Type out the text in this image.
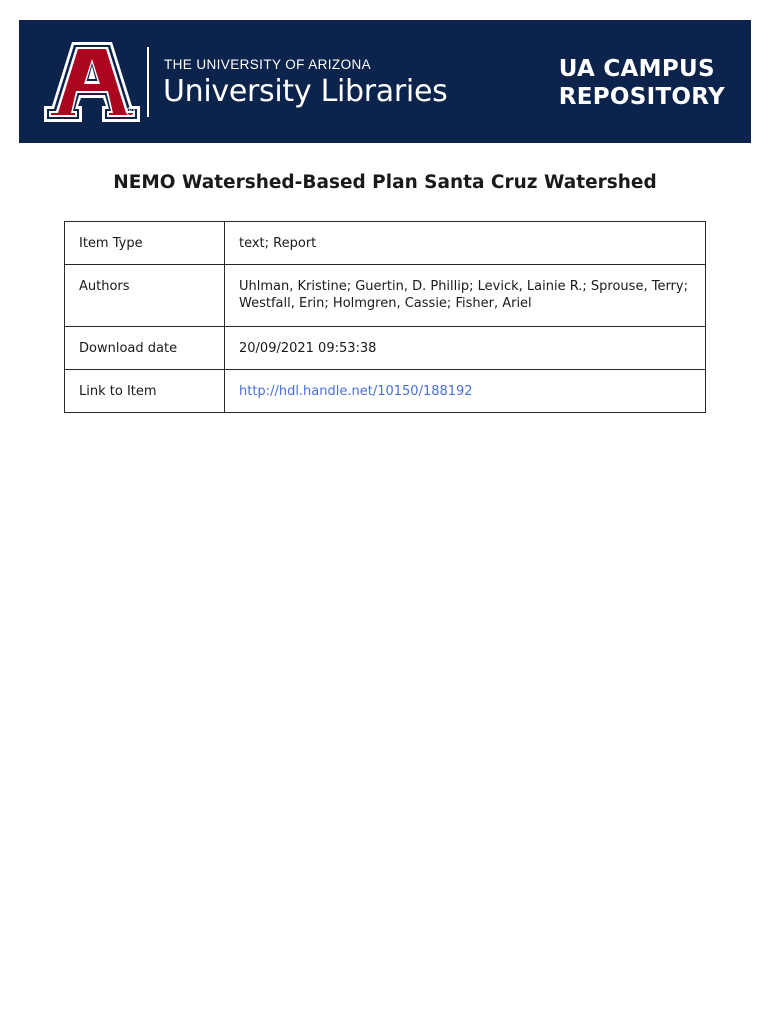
R
THE UNIVERSITY OF ARIZONA
University Libraries
UA CAMPUS
REPOSITORY
NEMO Watershed-Based Plan Santa Cruz Watershed
Item Type	text; Report
Authors	Uhlman, Kristine; Guertin, D. Phillip; Levick, Lainie R.; Sprouse, Terry; Westfall, Erin; Holmgren, Cassie; Fisher, Ariel
Download date	20/09/2021 09:53:38
Link to Item	http://hdl.handle.net/10150/188192
